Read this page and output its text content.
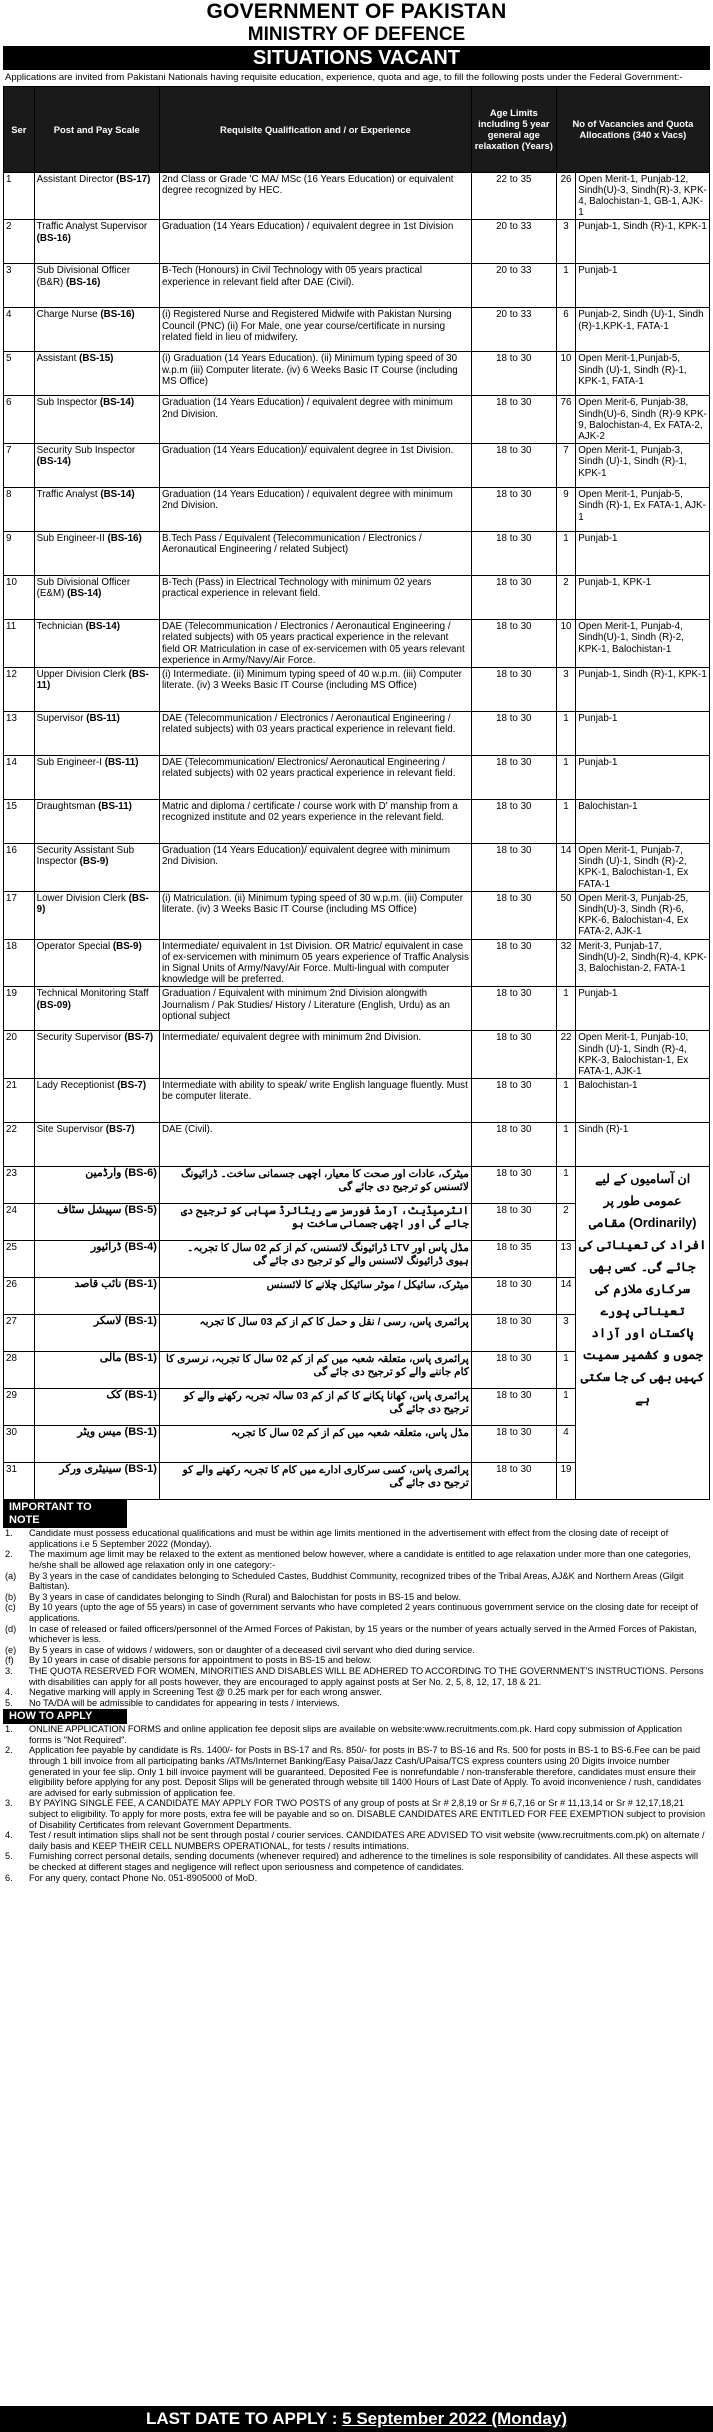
GOVERNMENT OF PAKISTAN
MINISTRY OF DEFENCE
SITUATIONS VACANT
Applications are invited from Pakistani Nationals having requisite education, experience, quota and age, to fill the following posts under the Federal Government:-
Ser	Post and Pay Scale	Requisite Qualification and / or Experience	Age Limits including 5 year general age relaxation (Years)	No of Vacancies and Quota Allocations (340 x Vacs)	
1	Assistant Director (BS-17)	2nd Class or Grade 'C MA/ MSc (16 Years Education) or equivalent degree recognized by HEC.	22 to 35	26	Open Merit-1, Punjab-12, Sindh(U)-3, Sindh(R)-3, KPK-4, Balochistan-1, GB-1, AJK-1
2	Traffic Analyst Supervisor (BS-16)	Graduation (14 Years Education) / equivalent degree in 1st Division	20 to 33	3	Punjab-1, Sindh (R)-1, KPK-1
3	Sub Divisional Officer (B&R) (BS-16)	B-Tech (Honours) in Civil Technology with 05 years practical experience in relevant field after DAE (Civil).	20 to 33	1	Punjab-1
4	Charge Nurse (BS-16)	(i) Registered Nurse and Registered Midwife with Pakistan Nursing Council (PNC) (ii) For Male, one year course/certificate in nursing related field in lieu of midwifery.	20 to 33	6	Punjab-2, Sindh (U)-1, Sindh (R)-1,KPK-1, FATA-1
5	Assistant (BS-15)	(i) Graduation (14 Years Education). (ii) Minimum typing speed of 30 w.p.m (iii) Computer literate. (iv) 6 Weeks Basic IT Course (including MS Office)	18 to 30	10	Open Merit-1,Punjab-5, Sindh (U)-1, Sindh (R)-1, KPK-1, FATA-1
6	Sub Inspector (BS-14)	Graduation (14 Years Education) / equivalent degree with minimum 2nd Division.	18 to 30	76	Open Merit-6, Punjab-38, Sindh(U)-6, Sindh (R)-9 KPK-9, Balochistan-4, Ex FATA-2, AJK-2
7	Security Sub Inspector (BS-14)	Graduation (14 Years Education)/ equivalent degree in 1st Division.	18 to 30	7	Open Merit-1, Punjab-3, Sindh (U)-1, Sindh (R)-1, KPK-1
8	Traffic Analyst (BS-14)	Graduation (14 Years Education) / equivalent degree with minimum 2nd Division.	18 to 30	9	Open Merit-1, Punjab-5, Sindh (R)-1, Ex FATA-1, AJK-1
9	Sub Engineer-II (BS-16)	B.Tech Pass / Equivalent (Telecommunication / Electronics / Aeronautical Engineering / related Subject)	18 to 30	1	Punjab-1
10	Sub Divisional Officer (E&M) (BS-14)	B-Tech (Pass) in Electrical Technology with minimum 02 years practical experience in relevant field.	18 to 30	2	Punjab-1, KPK-1
11	Technician (BS-14)	DAE (Telecommunication / Electronics / Aeronautical Engineering / related subjects) with 05 years practical experience in the relevant field OR Matriculation in case of ex-servicemen with 05 years relevant experience in Army/Navy/Air Force.	18 to 30	10	Open Merit-1, Punjab-4, Sindh(U)-1, Sindh (R)-2, KPK-1, Balochistan-1
12	Upper Division Clerk (BS-11)	(i) Intermediate. (ii) Minimum typing speed of 40 w.p.m. (iii) Computer literate. (iv) 3 Weeks Basic IT Course (including MS Office)	18 to 30	3	Punjab-1, Sindh (R)-1, KPK-1
13	Supervisor (BS-11)	DAE (Telecommunication / Electronics / Aeronautical Engineering / related subjects) with 03 years practical experience in relevant field.	18 to 30	1	Punjab-1
14	Sub Engineer-I (BS-11)	DAE (Telecommunication/ Electronics/ Aeronautical Engineering / related subjects) with 02 years practical experience in relevant field.	18 to 30	1	Punjab-1
15	Draughtsman (BS-11)	Matric and diploma / certificate / course work with D' manship from a recognized institute and 02 years experience in the relevant field.	18 to 30	1	Balochistan-1
16	Security Assistant Sub Inspector (BS-9)	Graduation (14 Years Education)/ equivalent degree with minimum 2nd Division.	18 to 30	14	Open Merit-1, Punjab-7, Sindh (U)-1, Sindh (R)-2, KPK-1, Balochistan-1, Ex FATA-1
17	Lower Division Clerk (BS-9)	(i) Matriculation. (ii) Minimum typing speed of 30 w.p.m. (iii) Computer literate. (iv) 3 Weeks Basic IT Course (including MS Office)	18 to 30	50	Open Merit-3, Punjab-25, Sindh(U)-3, Sindh (R)-6, KPK-6, Balochistan-4, Ex FATA-2, AJK-1
18	Operator Special (BS-9)	Intermediate/ equivalent in 1st Division. OR Matric/ equivalent in case of ex-servicemen with minimum 05 years experience of Traffic Analysis in Signal Units of Army/Navy/Air Force. Multi-lingual with computer knowledge will be preferred.	18 to 30	32	Merit-3, Punjab-17, Sindh(U)-2, Sindh(R)-4, KPK-3, Balochistan-2, FATA-1
19	Technical Monitoring Staff (BS-09)	Graduation / Equivalent with minimum 2nd Division alongwith Journalism / Pak Studies/ History / Literature (English, Urdu) as an optional subject	18 to 30	1	Punjab-1
20	Security Supervisor (BS-7)	Intermediate/ equivalent degree with minimum 2nd Division.	18 to 30	22	Open Merit-1, Punjab-10, Sindh (U)-1, Sindh (R)-4, KPK-3, Balochistan-1, Ex FATA-1, AJK-1
21	Lady Receptionist (BS-7)	Intermediate with ability to speak/ write English language fluently. Must be computer literate.	18 to 30	1	Balochistan-1
22	Site Supervisor (BS-7)	DAE (Civil).	18 to 30	1	Sindh (R)-1
23	(BS-6) وارڈمین	میٹرک، عادات اور صحت کا معیار، اچھی جسمانی ساخت۔ ڈرائیونگ لائسنس کو ترجیح دی جائے گی	18 to 30	1	ان آسامیوں کے لیے عمومی طور پر (Ordinarily) مقامی افراد کی تعیناتی کی جائے گی۔ کسی بھی سرکاری ملازم کی تعیناتی پورے پاکستان اور آزاد جموں و کشمیر سمیت کہیں بھی کی جا سکتی ہے
24	(BS-5) سپیشل سٹاف	انٹرمیڈیٹ، آرمڈ فورسز سے ریٹائرڈ سپاہی کو ترجیح دی جائے گی اور اچھی جسمانی ساخت ہو	18 to 30	2	
25	(BS-4) ڈرائیور	مڈل پاس اور LTV ڈرائیونگ لائسنس، کم از کم 02 سال کا تجربہ۔ ہیوی ڈرائیونگ لائسنس والے کو ترجیح دی جائے گی	18 to 35	13	
26	(BS-1) نائب قاصد	میٹرک، سائیکل / موٹر سائیکل چلانے کا لائسنس	18 to 30	14	
27	(BS-1) لاسکر	پرائمری پاس، رسی / نقل و حمل کا کم از کم 03 سال کا تجربہ	18 to 30	3	
28	(BS-1) مالی	پرائمری پاس، متعلقہ شعبہ میں کم از کم 02 سال کا تجربہ، نرسری کا کام جاننے والے کو ترجیح دی جائے گی	18 to 30	1	
29	(BS-1) کک	پرائمری پاس، کھانا پکانے کا کم از کم 03 سالہ تجربہ رکھنے والے کو ترجیح دی جائے گی	18 to 30	1	
30	(BS-1) میس ویٹر	مڈل پاس، متعلقہ شعبہ میں کم از کم 02 سال کا تجربہ	18 to 30	4	
31	(BS-1) سینیٹری ورکر	پرائمری پاس، کسی سرکاری ادارے میں کام کا تجربہ رکھنے والے کو ترجیح دی جائے گی	18 to 30	19	
IMPORTANT TO NOTE
1.	Candidate must possess educational qualifications and must be within age limits mentioned in the advertisement with effect from the closing date of receipt of applications i.e 5 September 2022 (Monday).
2.	The maximum age limit may be relaxed to the extent as mentioned below however, where a candidate is entitled to age relaxation under more than one categories, he/she shall be allowed age relaxation only in one category:-
(a)	By 3 years in the case of candidates belonging to Scheduled Castes, Buddhist Community, recognized tribes of the Tribal Areas, AJ&K and Northern Areas (Gilgit Baltistan).
(b)	By 3 years in case of candidates belonging to Sindh (Rural) and Balochistan for posts in BS-15 and below.
(c)	By 10 years (upto the age of 55 years) in case of government servants who have completed 2 years continuous government service on the closing date for receipt of applications.
(d)	In case of released or failed officers/personnel of the Armed Forces of Pakistan, by 15 years or the number of years actually served in the Armed Forces of Pakistan, whichever is less.
(e)	By 5 years in case of widows / widowers, son or daughter of a deceased civil servant who died during service.
(f)	By 10 years in case of disable persons for appointment to posts in BS-15 and below.
3.	THE QUOTA RESERVED FOR WOMEN, MINORITIES AND DISABLES WILL BE ADHERED TO ACCORDING TO THE GOVERNMENT'S INSTRUCTIONS. Persons with disabilities can apply for all posts however, they are encouraged to apply against posts at Ser No. 2, 5, 8, 12, 17, 18 & 21.
4.	Negative marking will apply in Screening Test @ 0.25 mark per for each wrong answer.
5.	No TA/DA will be admissible to candidates for appearing in tests / interviews.
HOW TO APPLY
1.	ONLINE APPLICATION FORMS and online application fee deposit slips are available on website:www.recruitments.com.pk. Hard copy submission of Application forms is "Not Required".
2.	Application fee payable by candidate is Rs. 1400/- for Posts in BS-17 and Rs. 850/- for posts in BS-7 to BS-16 and Rs. 500 for posts in BS-1 to BS-6.Fee can be paid through 1 bill invoice from all participating banks /ATMs/Internet Banking/Easy Paisa/Jazz Cash/UPaisa/TCS express counters using 20 Digits invoice number generated in your fee slip. Only 1 bill invoice payment will be guaranteed. Deposited Fee is nonrefundable / non-transferable therefore, candidates must ensure their eligibility before applying for any post. Deposit Slips will be generated through website till 1400 Hours of Last Date of Apply. To avoid inconvenience / rush, candidates are advised for early submission of application fee.
3.	BY PAYING SINGLE FEE, A CANDIDATE MAY APPLY FOR TWO POSTS of any group of posts at Sr # 2,8,19 or Sr # 6,7,16 or Sr # 11,13,14 or Sr # 12,17,18,21 subject to eligibility. To apply for more posts, extra fee will be payable and so on. DISABLE CANDIDATES ARE ENTITLED FOR FEE EXEMPTION subject to provision of Disability Certificates from relevant Government Departments.
4.	Test / result intimation slips shall not be sent through postal / courier services. CANDIDATES ARE ADVISED TO visit website (www.recruitments.com.pk) on alternate / daily basis and KEEP THEIR CELL NUMBERS OPERATIONAL, for tests / results intimations.
5.	Furnishing correct personal details, sending documents (whenever required) and adherence to the timelines is sole responsibility of candidates. All these aspects will be checked at different stages and negligence will reflect upon seriousness and competence of candidates.
6.	For any query, contact Phone No. 051-8905000 of MoD.
LAST DATE TO APPLY : 5 September 2022 (Monday)
